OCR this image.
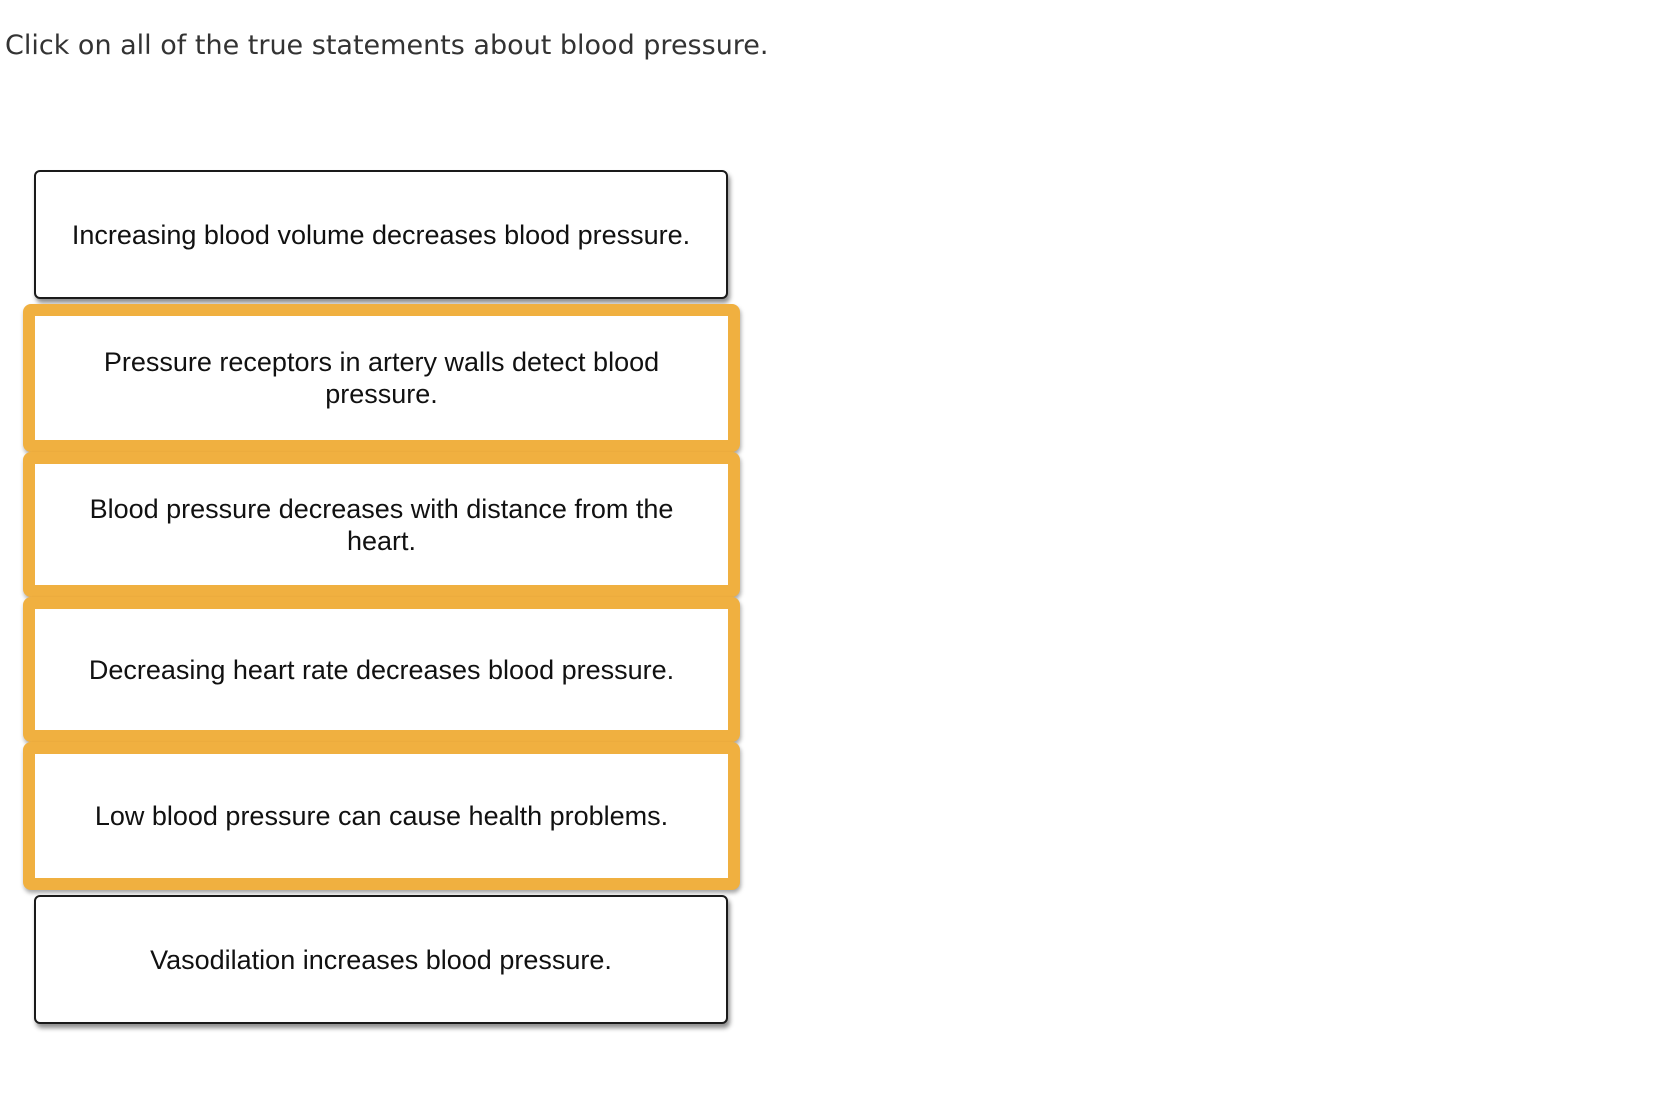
Click on all of the true statements about blood pressure.
Increasing blood volume decreases blood pressure.
Pressure receptors in artery walls detect blood pressure.
Blood pressure decreases with distance from the heart.
Decreasing heart rate decreases blood pressure.
Low blood pressure can cause health problems.
Vasodilation increases blood pressure.
